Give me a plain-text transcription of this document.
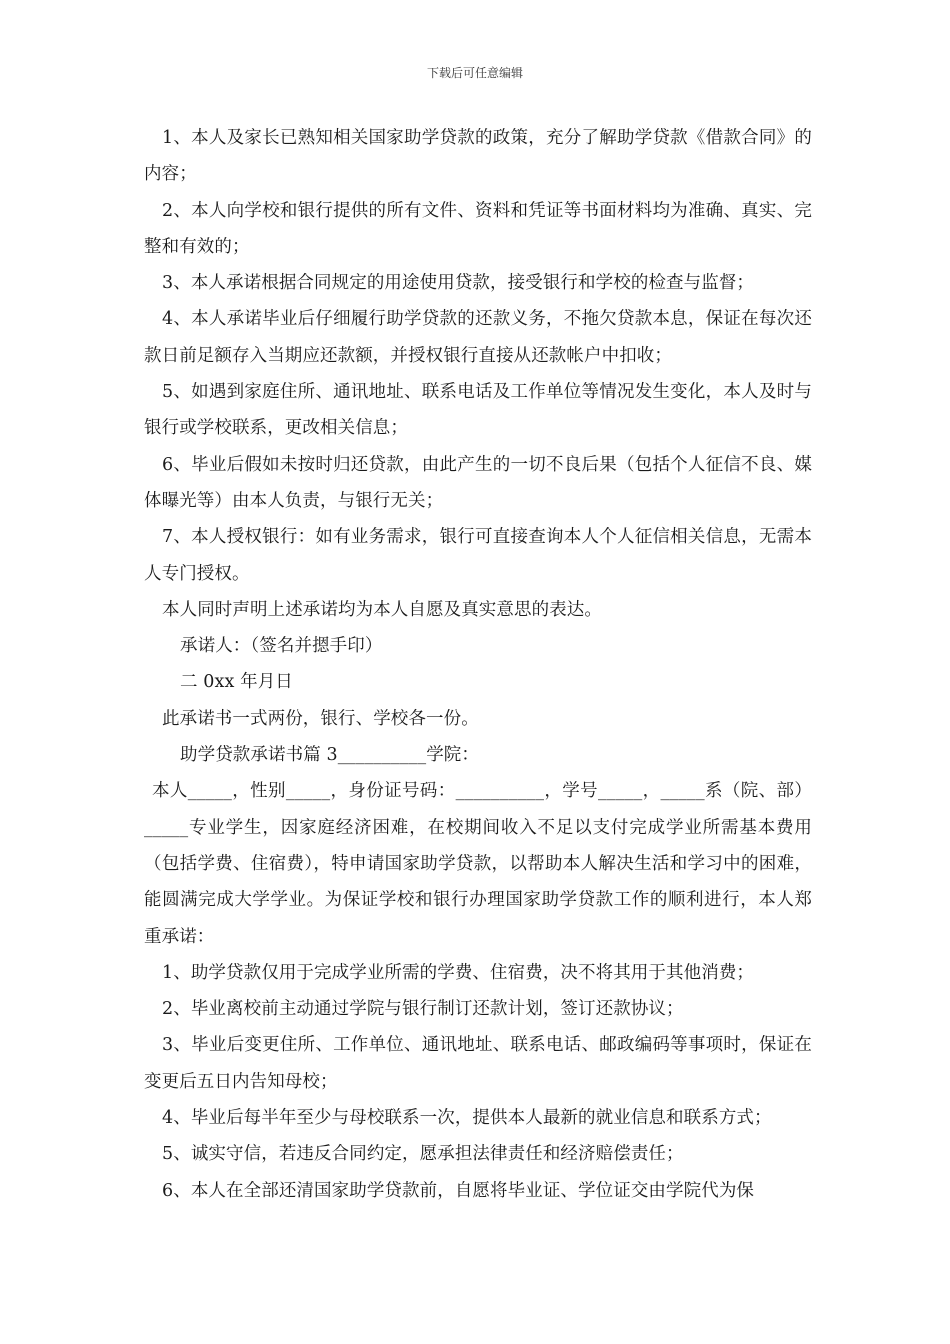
下载后可任意编辑

1、本人及家长已熟知相关国家助学贷款的政策，充分了解助学贷款《借款合同》的内容；

2、本人向学校和银行提供的所有文件、资料和凭证等书面材料均为准确、真实、完整和有效的；

3、本人承诺根据合同规定的用途使用贷款，接受银行和学校的检查与监督；

4、本人承诺毕业后仔细履行助学贷款的还款义务，不拖欠贷款本息，保证在每次还款日前足额存入当期应还款额，并授权银行直接从还款帐户中扣收；

5、如遇到家庭住所、通讯地址、联系电话及工作单位等情况发生变化，本人及时与银行或学校联系，更改相关信息；

6、毕业后假如未按时归还贷款，由此产生的一切不良后果（包括个人征信不良、媒体曝光等）由本人负责，与银行无关；

7、本人授权银行：如有业务需求，银行可直接查询本人个人征信相关信息，无需本人专门授权。

本人同时声明上述承诺均为本人自愿及真实意思的表达。

承诺人：（签名并摁手印）

二 0xx 年月日

此承诺书一式两份，银行、学校各一份。

助学贷款承诺书篇 3__________学院：

本人_____，性别_____，身份证号码：__________，学号_____，_____系（院、部）_____专业学生，因家庭经济困难，在校期间收入不足以支付完成学业所需基本费用（包括学费、住宿费），特申请国家助学贷款，以帮助本人解决生活和学习中的困难，能圆满完成大学学业。为保证学校和银行办理国家助学贷款工作的顺利进行，本人郑重承诺：

1、助学贷款仅用于完成学业所需的学费、住宿费，决不将其用于其他消费；

2、毕业离校前主动通过学院与银行制订还款计划，签订还款协议；

3、毕业后变更住所、工作单位、通讯地址、联系电话、邮政编码等事项时，保证在变更后五日内告知母校；

4、毕业后每半年至少与母校联系一次，提供本人最新的就业信息和联系方式；

5、诚实守信，若违反合同约定，愿承担法律责任和经济赔偿责任；

6、本人在全部还清国家助学贷款前，自愿将毕业证、学位证交由学院代为保
